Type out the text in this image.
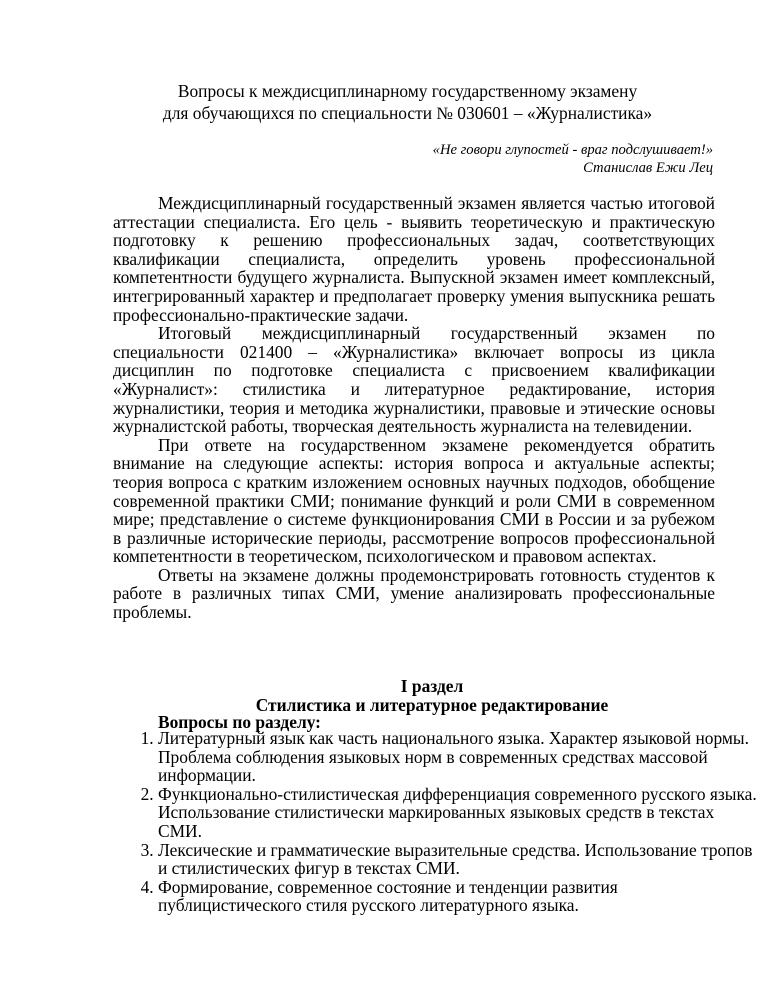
Вопросы к междисциплинарному государственному экзамену
для обучающихся по специальности № 030601 – «Журналистика»
«Не говори глупостей - враг подслушивает!»
Станислав Ежи Лец

Междисциплинарный государственный экзамен является частью итоговой аттестации специалиста. Его цель - выявить теоретическую и практическую подготовку к решению профессиональных задач, соответствующих квалификации специалиста, определить уровень профессиональной компетентности будущего журналиста. Выпускной экзамен имеет комплексный, интегрированный характер и предполагает проверку умения выпускника решать профессионально-практические задачи.

Итоговый междисциплинарный государственный экзамен по специальности 021400 – «Журналистика» включает вопросы из цикла дисциплин по подготовке специалиста с присвоением квалификации «Журналист»: стилистика и литературное редактирование, история журналистики, теория и методика журналистики, правовые и этические основы журналистской работы, творческая деятельность журналиста на телевидении.

При ответе на государственном экзамене рекомендуется обратить внимание на следующие аспекты: история вопроса и актуальные аспекты; теория вопроса с кратким изложением основных научных подходов, обобщение современной практики СМИ; понимание функций и роли СМИ в современном мире; представление о системе функционирования СМИ в России и за рубежом в различные исторические периоды, рассмотрение вопросов профессиональной компетентности в теоретическом, психологическом и правовом аспектах.

Ответы на экзамене должны продемонстрировать готовность студентов к работе в различных типах СМИ, умение анализировать профессиональные проблемы.

I раздел
Стилистика и литературное редактирование
Вопросы по разделу:
1. Литературный язык как часть национального языка. Характер языковой нормы. Проблема соблюдения языковых норм в современных средствах массовой информации.
2. Функционально-стилистическая дифференциация современного русского языка. Использование стилистически маркированных языковых средств в текстах СМИ.
3. Лексические и грамматические выразительные средства. Использование тропов и стилистических фигур в текстах СМИ.
4. Формирование, современное состояние и тенденции развития публицистического стиля русского литературного языка.
